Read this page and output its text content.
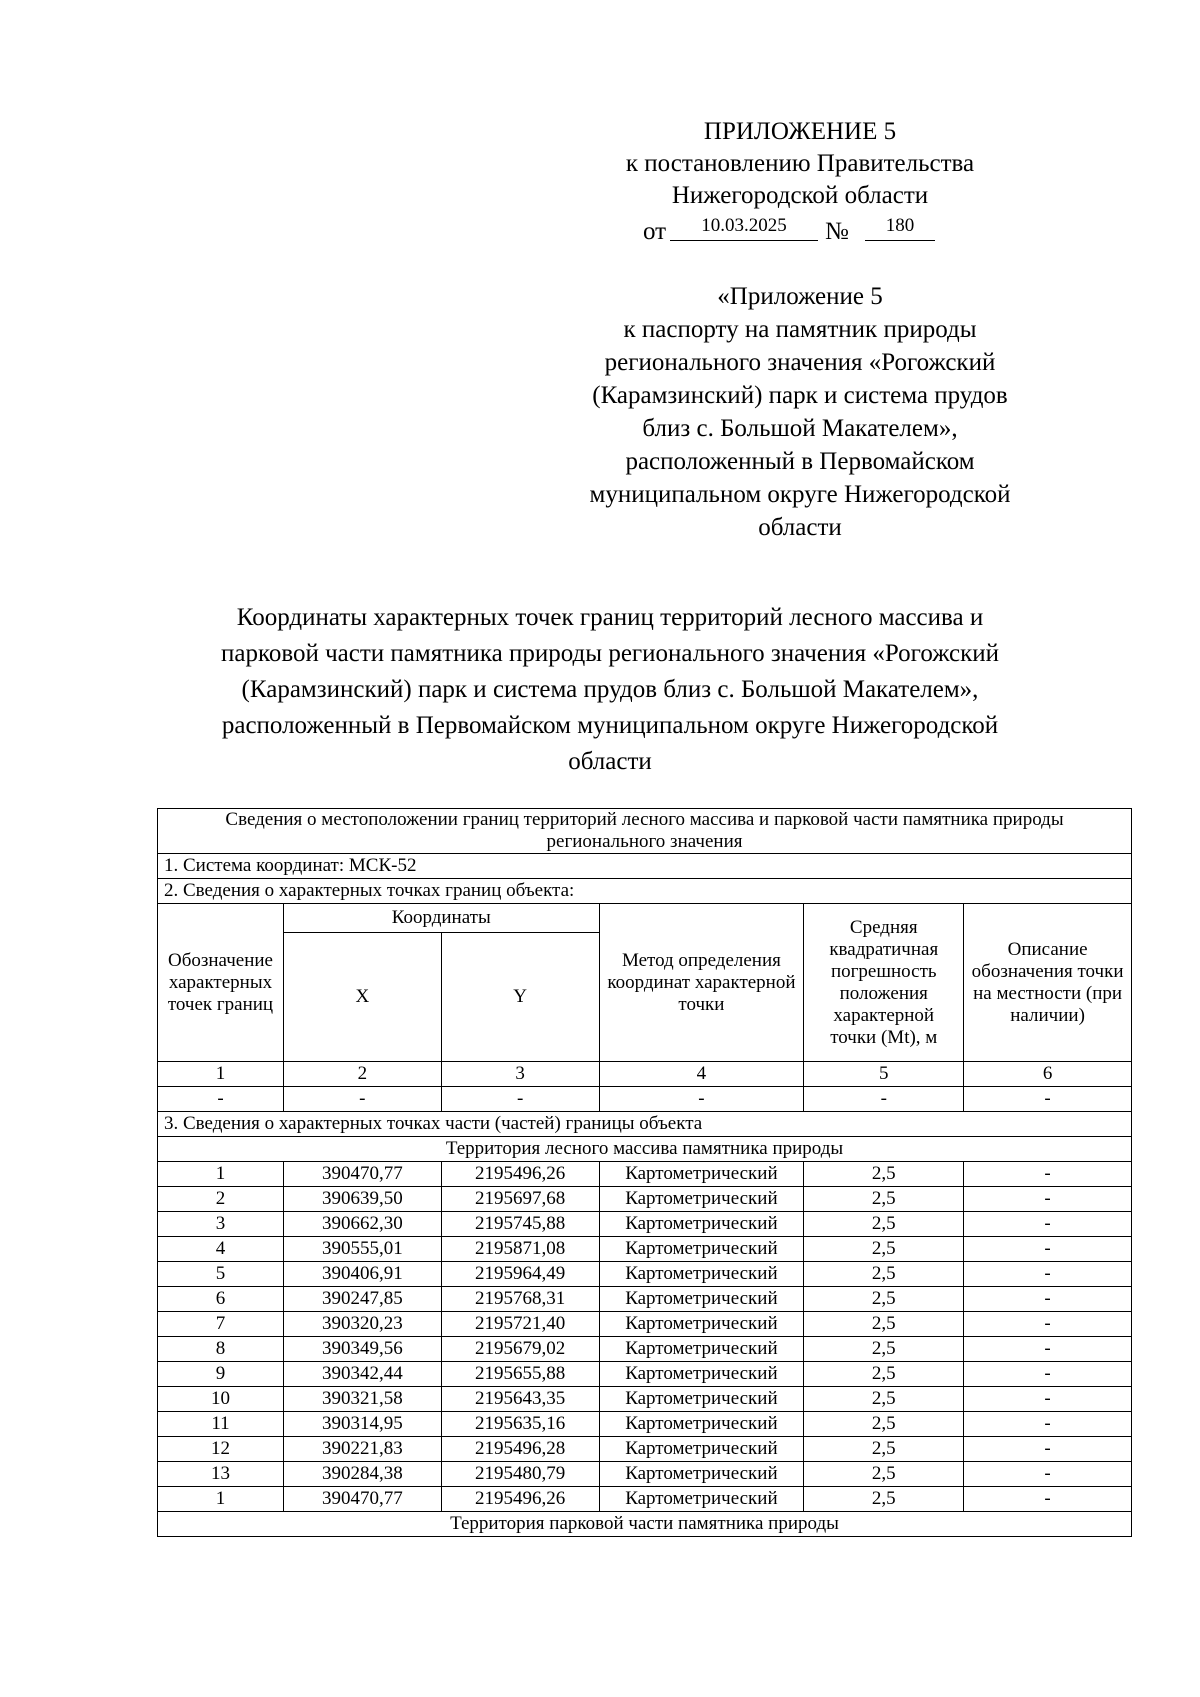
ПРИЛОЖЕНИЕ 5
к постановлению Правительства
Нижегородской области
от	10.03.2025	№	180
«Приложение 5
к паспорту на памятник природы
регионального значения «Рогожский
(Карамзинский) парк и система прудов
близ с. Большой Макателем»,
расположенный в Первомайском
муниципальном округе Нижегородской
области
Координаты характерных точек границ территорий лесного массива и
парковой части памятника природы регионального значения «Рогожский
(Карамзинский) парк и система прудов близ с. Большой Макателем»,
расположенный в Первомайском муниципальном округе Нижегородской
области
Сведения о местоположении границ территорий лесного массива и парковой части памятника природы регионального значения					
1. Система координат: МСК-52					
2. Сведения о характерных точках границ объекта:					
Обозначение характерных точек границ	Координаты		Метод определения координат характерной точки	Средняя квадратичная погрешность положения характерной точки (Mt), м	Описание обозначения точки на местности (при наличии)
	X	Y			
1	2	3	4	5	6
-	-	-	-	-	-
3. Сведения о характерных точках части (частей) границы объекта					
Территория лесного массива памятника природы					
1	390470,77	2195496,26	Картометрический	2,5	-
2	390639,50	2195697,68	Картометрический	2,5	-
3	390662,30	2195745,88	Картометрический	2,5	-
4	390555,01	2195871,08	Картометрический	2,5	-
5	390406,91	2195964,49	Картометрический	2,5	-
6	390247,85	2195768,31	Картометрический	2,5	-
7	390320,23	2195721,40	Картометрический	2,5	-
8	390349,56	2195679,02	Картометрический	2,5	-
9	390342,44	2195655,88	Картометрический	2,5	-
10	390321,58	2195643,35	Картометрический	2,5	-
11	390314,95	2195635,16	Картометрический	2,5	-
12	390221,83	2195496,28	Картометрический	2,5	-
13	390284,38	2195480,79	Картометрический	2,5	-
1	390470,77	2195496,26	Картометрический	2,5	-
Территория парковой части памятника природы					
